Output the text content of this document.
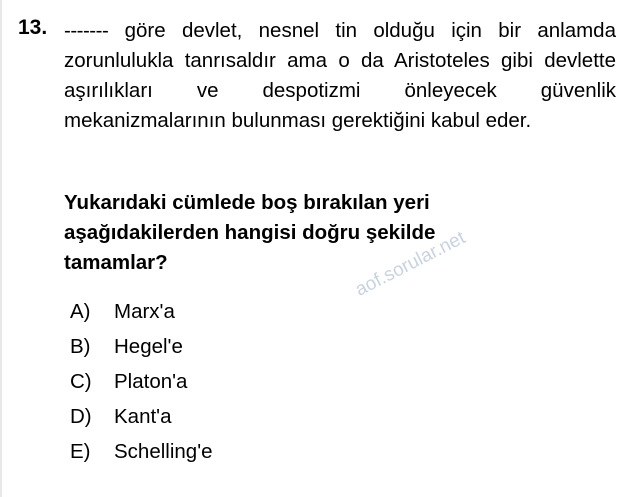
13. ------- göre devlet, nesnel tin olduğu için bir anlamda zorunlulukla tanrısaldır ama o da Aristoteles gibi devlette aşırılıkları ve despotizmi önleyecek güvenlik mekanizmalarının bulunması gerektiğini kabul eder.
Yukarıdaki cümlede boş bırakılan yeri
aşağıdakilerden hangisi doğru şekilde
tamamlar?
A)	Marx'a
B)	Hegel'e
C)	Platon'a
D)	Kant'a
E)	Schelling'e
aof.sorular.net
